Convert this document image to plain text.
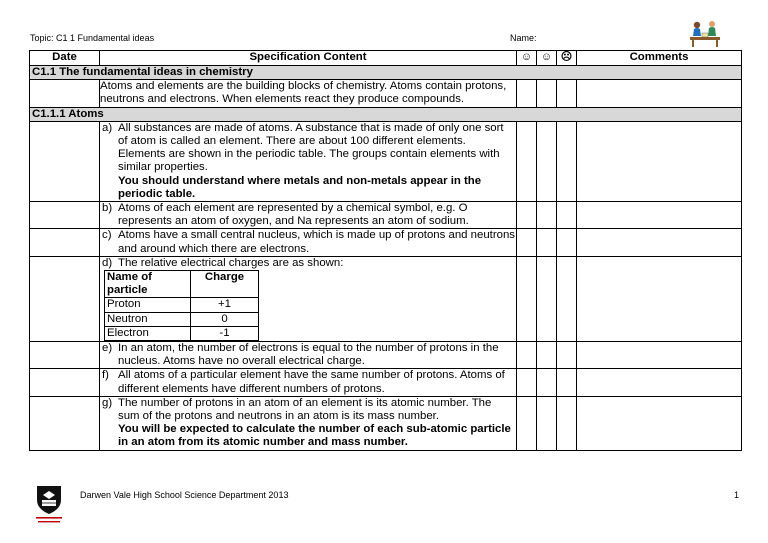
Topic: C1 1 Fundamental ideas	Name:
Date	Specification Content	☺	☺	☹	Comments
C1.1 The fundamental ideas in chemistry
	Atoms and elements are the building blocks of chemistry. Atoms contain protons, neutrons and electrons. When elements react they produce compounds.				
C1.1.1 Atoms

a) All substances are made of atoms. A substance that is made of only one sort of atom is called an element. There are about 100 different elements. Elements are shown in the periodic table. The groups contain elements with similar properties.
You should understand where metals and non-metals appear in the periodic table.

b) Atoms of each element are represented by a chemical symbol, e.g. O represents an atom of oxygen, and Na represents an atom of sodium.

c) Atoms have a small central nucleus, which is made up of protons and neutrons and around which there are electrons.

d) The relative electrical charges are as shown:
Name of particle	Charge
Proton	+1
Neutron	0
Electron	-1

e) In an atom, the number of electrons is equal to the number of protons in the nucleus. Atoms have no overall electrical charge.

f) All atoms of a particular element have the same number of protons. Atoms of different elements have different numbers of protons.

g) The number of protons in an atom of an element is its atomic number. The sum of the protons and neutrons in an atom is its mass number.
You will be expected to calculate the number of each sub-atomic particle in an atom from its atomic number and mass number.

Darwen Vale High School Science Department 2013	1
